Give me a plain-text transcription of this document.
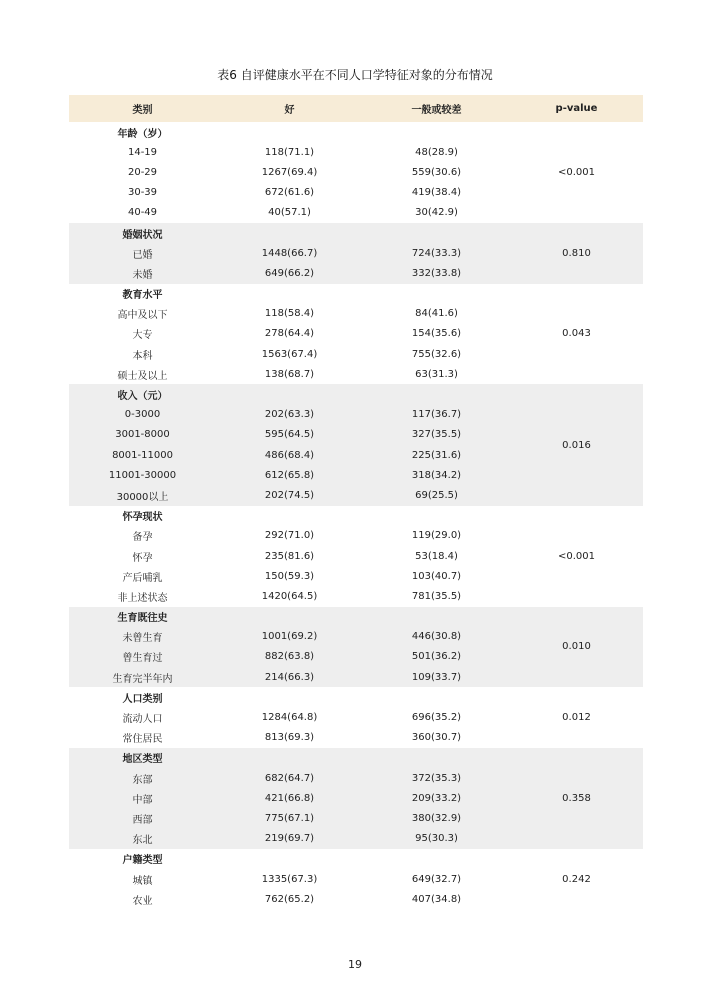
表6 自评健康水平在不同人口学特征对象的分布情况
类别	好	一般或较差	p-value
年龄（岁）			<0.001
14-19	118(71.1)	48(28.9)	
20-29	1267(69.4)	559(30.6)	
30-39	672(61.6)	419(38.4)	
40-49	40(57.1)	30(42.9)	
婚姻状况			0.810
已婚	1448(66.7)	724(33.3)	
未婚	649(66.2)	332(33.8)	
教育水平			0.043
高中及以下	118(58.4)	84(41.6)	
大专	278(64.4)	154(35.6)	
本科	1563(67.4)	755(32.6)	
硕士及以上	138(68.7)	63(31.3)	
收入（元）			0.016
0-3000	202(63.3)	117(36.7)	
3001-8000	595(64.5)	327(35.5)	
8001-11000	486(68.4)	225(31.6)	
11001-30000	612(65.8)	318(34.2)	
30000以上	202(74.5)	69(25.5)	
怀孕现状			<0.001
备孕	292(71.0)	119(29.0)	
怀孕	235(81.6)	53(18.4)	
产后哺乳	150(59.3)	103(40.7)	
非上述状态	1420(64.5)	781(35.5)	
生育既往史			0.010
未曾生育	1001(69.2)	446(30.8)	
曾生育过	882(63.8)	501(36.2)	
生育完半年内	214(66.3)	109(33.7)	
人口类别			0.012
流动人口	1284(64.8)	696(35.2)	
常住居民	813(69.3)	360(30.7)	
地区类型			0.358
东部	682(64.7)	372(35.3)	
中部	421(66.8)	209(33.2)	
西部	775(67.1)	380(32.9)	
东北	219(69.7)	95(30.3)	
户籍类型			0.242
城镇	1335(67.3)	649(32.7)	
农业	762(65.2)	407(34.8)	
19
